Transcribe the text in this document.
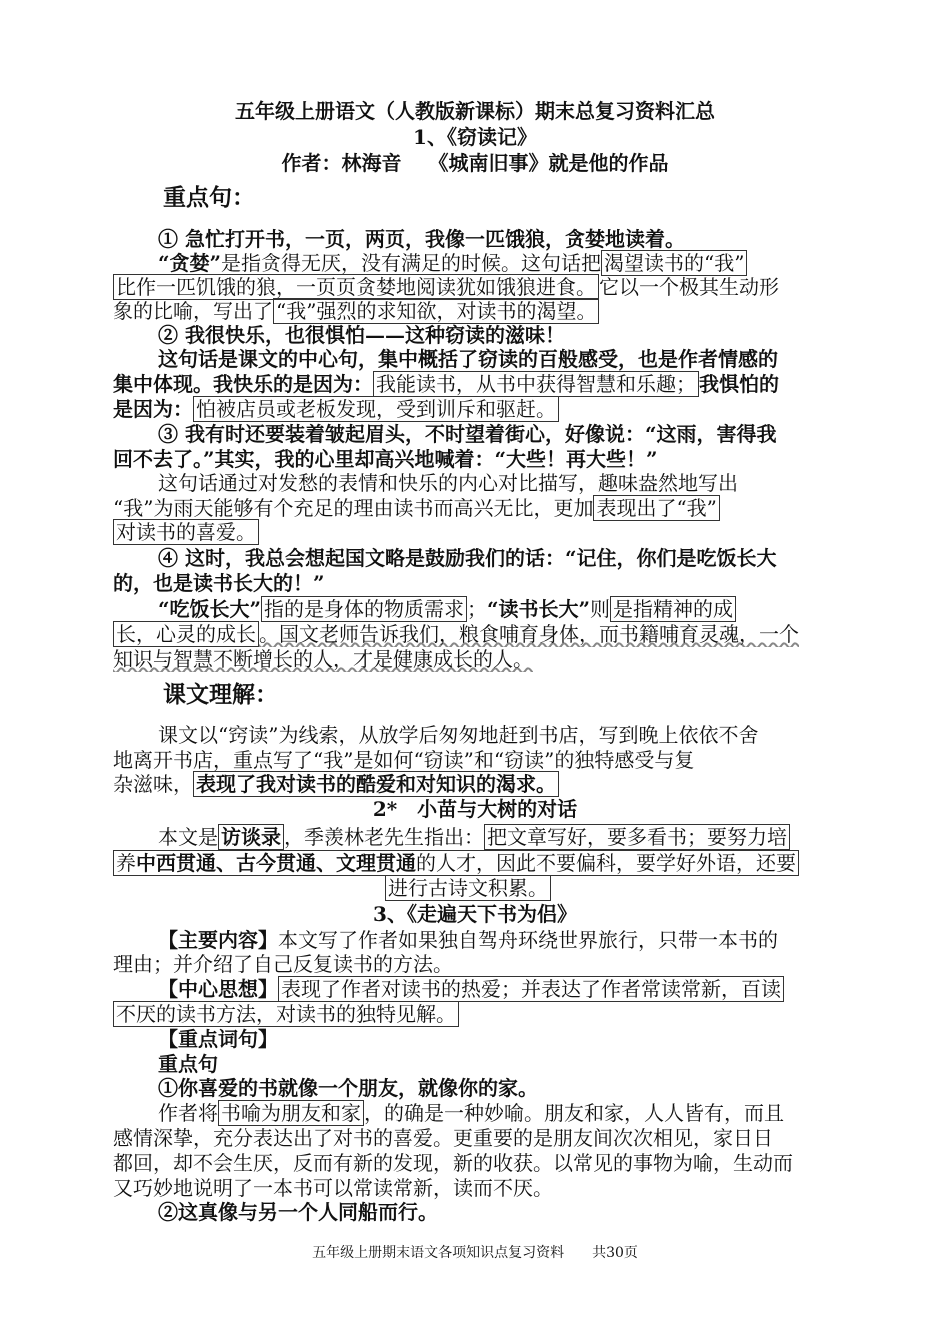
五年级上册语文（人教版新课标）期末总复习资料汇总
1、《窃读记》
作者：林海音　 《城南旧事》就是他的作品
重点句：
① 急忙打开书，一页，两页，我像一匹饿狼，贪婪地读着。
“贪婪”是指贪得无厌，没有满足的时候。这句话把 渴望读书的“我”
比作一匹饥饿的狼，一页页贪婪地阅读犹如饿狼进食。 它以一个极其生动形
象的比喻，写出了 “我”强烈的求知欲，对读书的渴望。
② 我很快乐，也很惧怕——这种窃读的滋味！
这句话是课文的中心句，集中概括了窃读的百般感受，也是作者情感的
集中体现。我快乐的是因为： 我能读书，从书中获得智慧和乐趣； 我惧怕的
是因为： 怕被店员或老板发现，受到训斥和驱赶。
③ 我有时还要装着皱起眉头，不时望着街心，好像说：“这雨，害得我
回不去了。”其实，我的心里却高兴地喊着：“大些！再大些！”
这句话通过对发愁的表情和快乐的内心对比描写，趣味盎然地写出
“我”为雨天能够有个充足的理由读书而高兴无比，更加 表现出了“我”
对读书的喜爱。
④ 这时，我总会想起国文略是鼓励我们的话：“记住，你们是吃饭长大
的，也是读书长大的！”
“吃饭长大” 指的是身体的物质需求 ；“读书长大”则 是指精神的成
长，心灵的成长 。国文老师告诉我们，粮食哺育身体，而书籍哺育灵魂，一个
知识与智慧不断增长的人，才是健康成长的人。
课文理解：
课文以“窍读”为线索，从放学后匆匆地赶到书店，写到晚上依依不舍
地离开书店，重点写了“我”是如何“窃读”和“窃读”的独特感受与复
杂滋味， 表现了我对读书的酷爱和对知识的渴求。
2*　小苗与大树的对话
本文是 访谈录 ，季羡林老先生指出： 把文章写好，要多看书；要努力培
养中西贯通、古今贯通、文理贯通的人才，因此不要偏科，要学好外语，还要
进行古诗文积累。
3、《走遍天下书为侣》
【主要内容】本文写了作者如果独自驾舟环绕世界旅行，只带一本书的
理由；并介绍了自己反复读书的方法。
【中心思想】 表现了作者对读书的热爱；并表达了作者常读常新，百读
不厌的读书方法，对读书的独特见解。
【重点词句】
重点句
①你喜爱的书就像一个朋友，就像你的家。
作者将 书喻为朋友和家 ，的确是一种妙喻。朋友和家，人人皆有，而且
感情深挚，充分表达出了对书的喜爱。更重要的是朋友间次次相见，家日日
都回，却不会生厌，反而有新的发现，新的收获。以常见的事物为喻，生动而
又巧妙地说明了一本书可以常读常新，读而不厌。
②这真像与另一个人同船而行。
五年级上册期末语文各项知识点复习资料　　共30页
